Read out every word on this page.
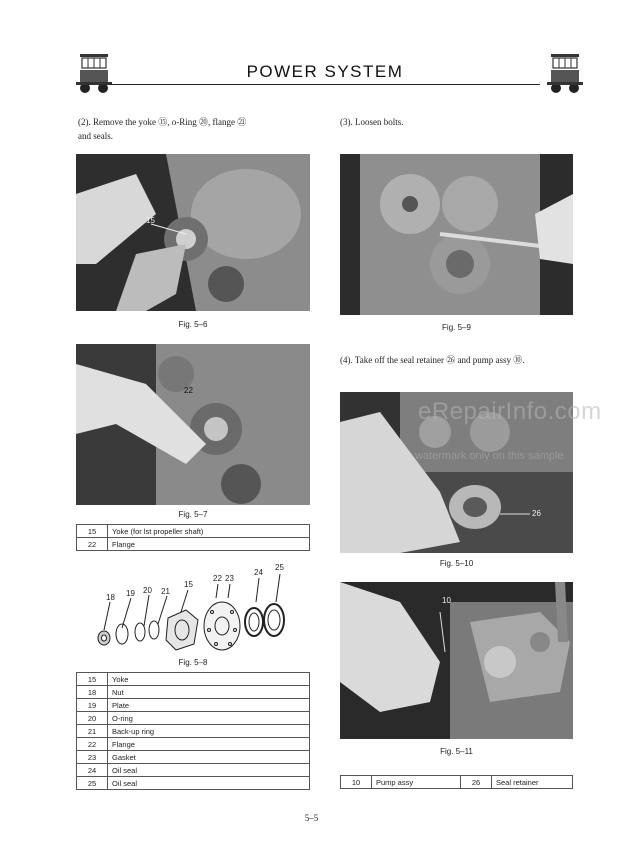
POWER SYSTEM
(2). Remove the yoke ⑮, o-Ring ⑳, flange ㉑
and seals.
(3). Loosen bolts.
(4). Take off the seal retainer ㉖ and pump assy ⑩.
15
Fig. 5–6
22
Fig. 5–7
15	Yoke (for lst propeller shaft)
22	Flange
18 19 20 21
15
22 23
24
25
Fig. 5–8
15	Yoke
18	Nut
19	Plate
20	O-ring
21	Back-up ring
22	Flange
23	Gasket
24	Oil seal
25	Oil seal
Fig. 5–9
26
Fig. 5–10
10
Fig. 5–11
10	Pump assy	26	Seal retainer
eRepairInfo.com
watermark only on this sample
5–5
